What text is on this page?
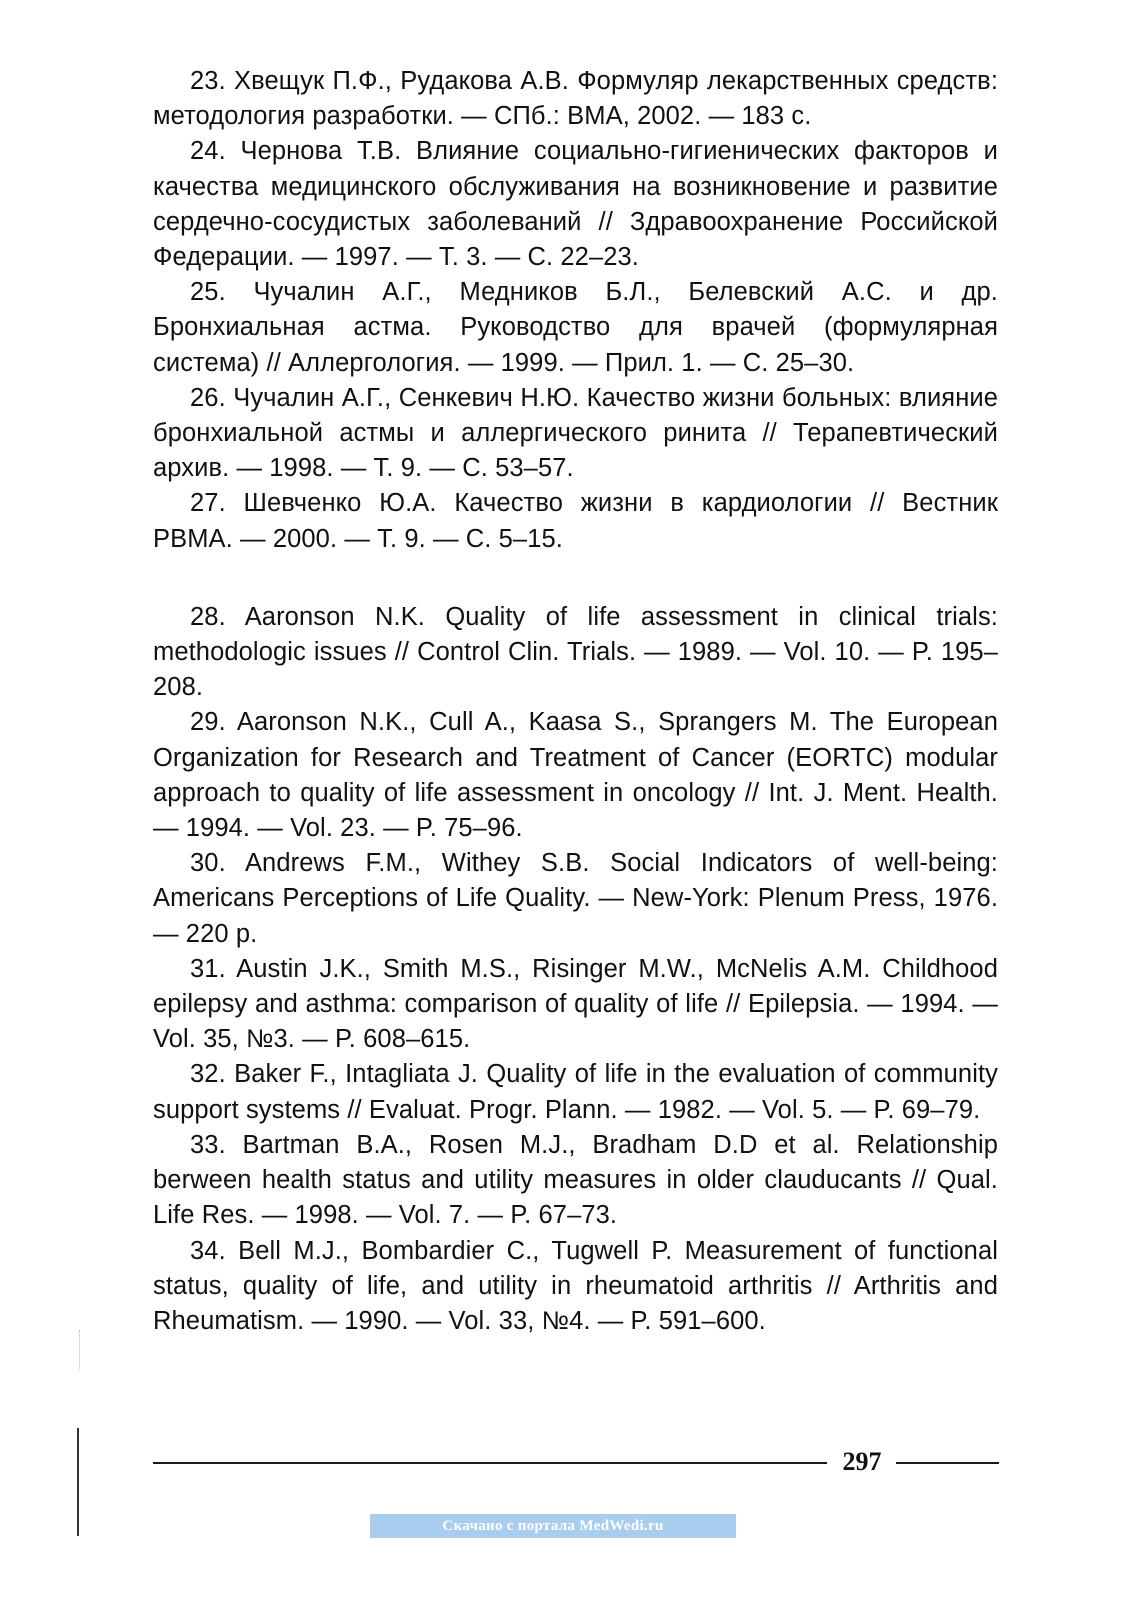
23. Хвещук П.Ф., Рудакова А.В. Формуляр лекарственных средств: методология разработки. — СПб.: ВМА, 2002. — 183 с.

24. Чернова Т.В. Влияние социально-гигиенических факторов и качества медицинского обслуживания на возникновение и развитие сердечно-сосудистых заболеваний // Здравоохранение Российской Федерации. — 1997. — Т. 3. — С. 22–23.

25. Чучалин А.Г., Медников Б.Л., Белевский А.С. и др. Бронхиальная астма. Руководство для врачей (формулярная система) // Аллергология. — 1999. — Прил. 1. — С. 25–30.

26. Чучалин А.Г., Сенкевич Н.Ю. Качество жизни больных: влияние бронхиальной астмы и аллергического ринита // Терапевтический архив. — 1998. — Т. 9. — С. 53–57.

27. Шевченко Ю.А. Качество жизни в кардиологии // Вестник РВМА. — 2000. — Т. 9. — С. 5–15.

28. Aaronson N.K. Quality of life assessment in clinical trials: methodologic issues // Control Clin. Trials. — 1989. — Vol. 10. — P. 195–208.

29. Aaronson N.K., Cull A., Kaasa S., Sprangers M. The European Organization for Research and Treatment of Cancer (EORTC) modular approach to quality of life assessment in oncology // Int. J. Ment. Health. — 1994. — Vol. 23. — P. 75–96.

30. Andrews F.M., Withey S.B. Social Indicators of well-being: Americans Perceptions of Life Quality. — New-York: Plenum Press, 1976. — 220 p.

31. Austin J.K., Smith M.S., Risinger M.W., McNelis A.M. Childhood epilepsy and asthma: comparison of quality of life // Epilepsia. — 1994. — Vol. 35, №3. — P. 608–615.

32. Baker F., Intagliata J. Quality of life in the evaluation of community support systems // Evaluat. Progr. Plann. — 1982. — Vol. 5. — P. 69–79.

33. Bartman B.A., Rosen M.J., Bradham D.D et al. Relationship berween health status and utility measures in older clauducants // Qual. Life Res. — 1998. — Vol. 7. — P. 67–73.

34. Bell M.J., Bombardier C., Tugwell P. Measurement of functional status, quality of life, and utility in rheumatoid arthritis // Arthritis and Rheumatism. — 1990. — Vol. 33, №4. — P. 591–600.

297
Скачано с портала MedWedi.ru
